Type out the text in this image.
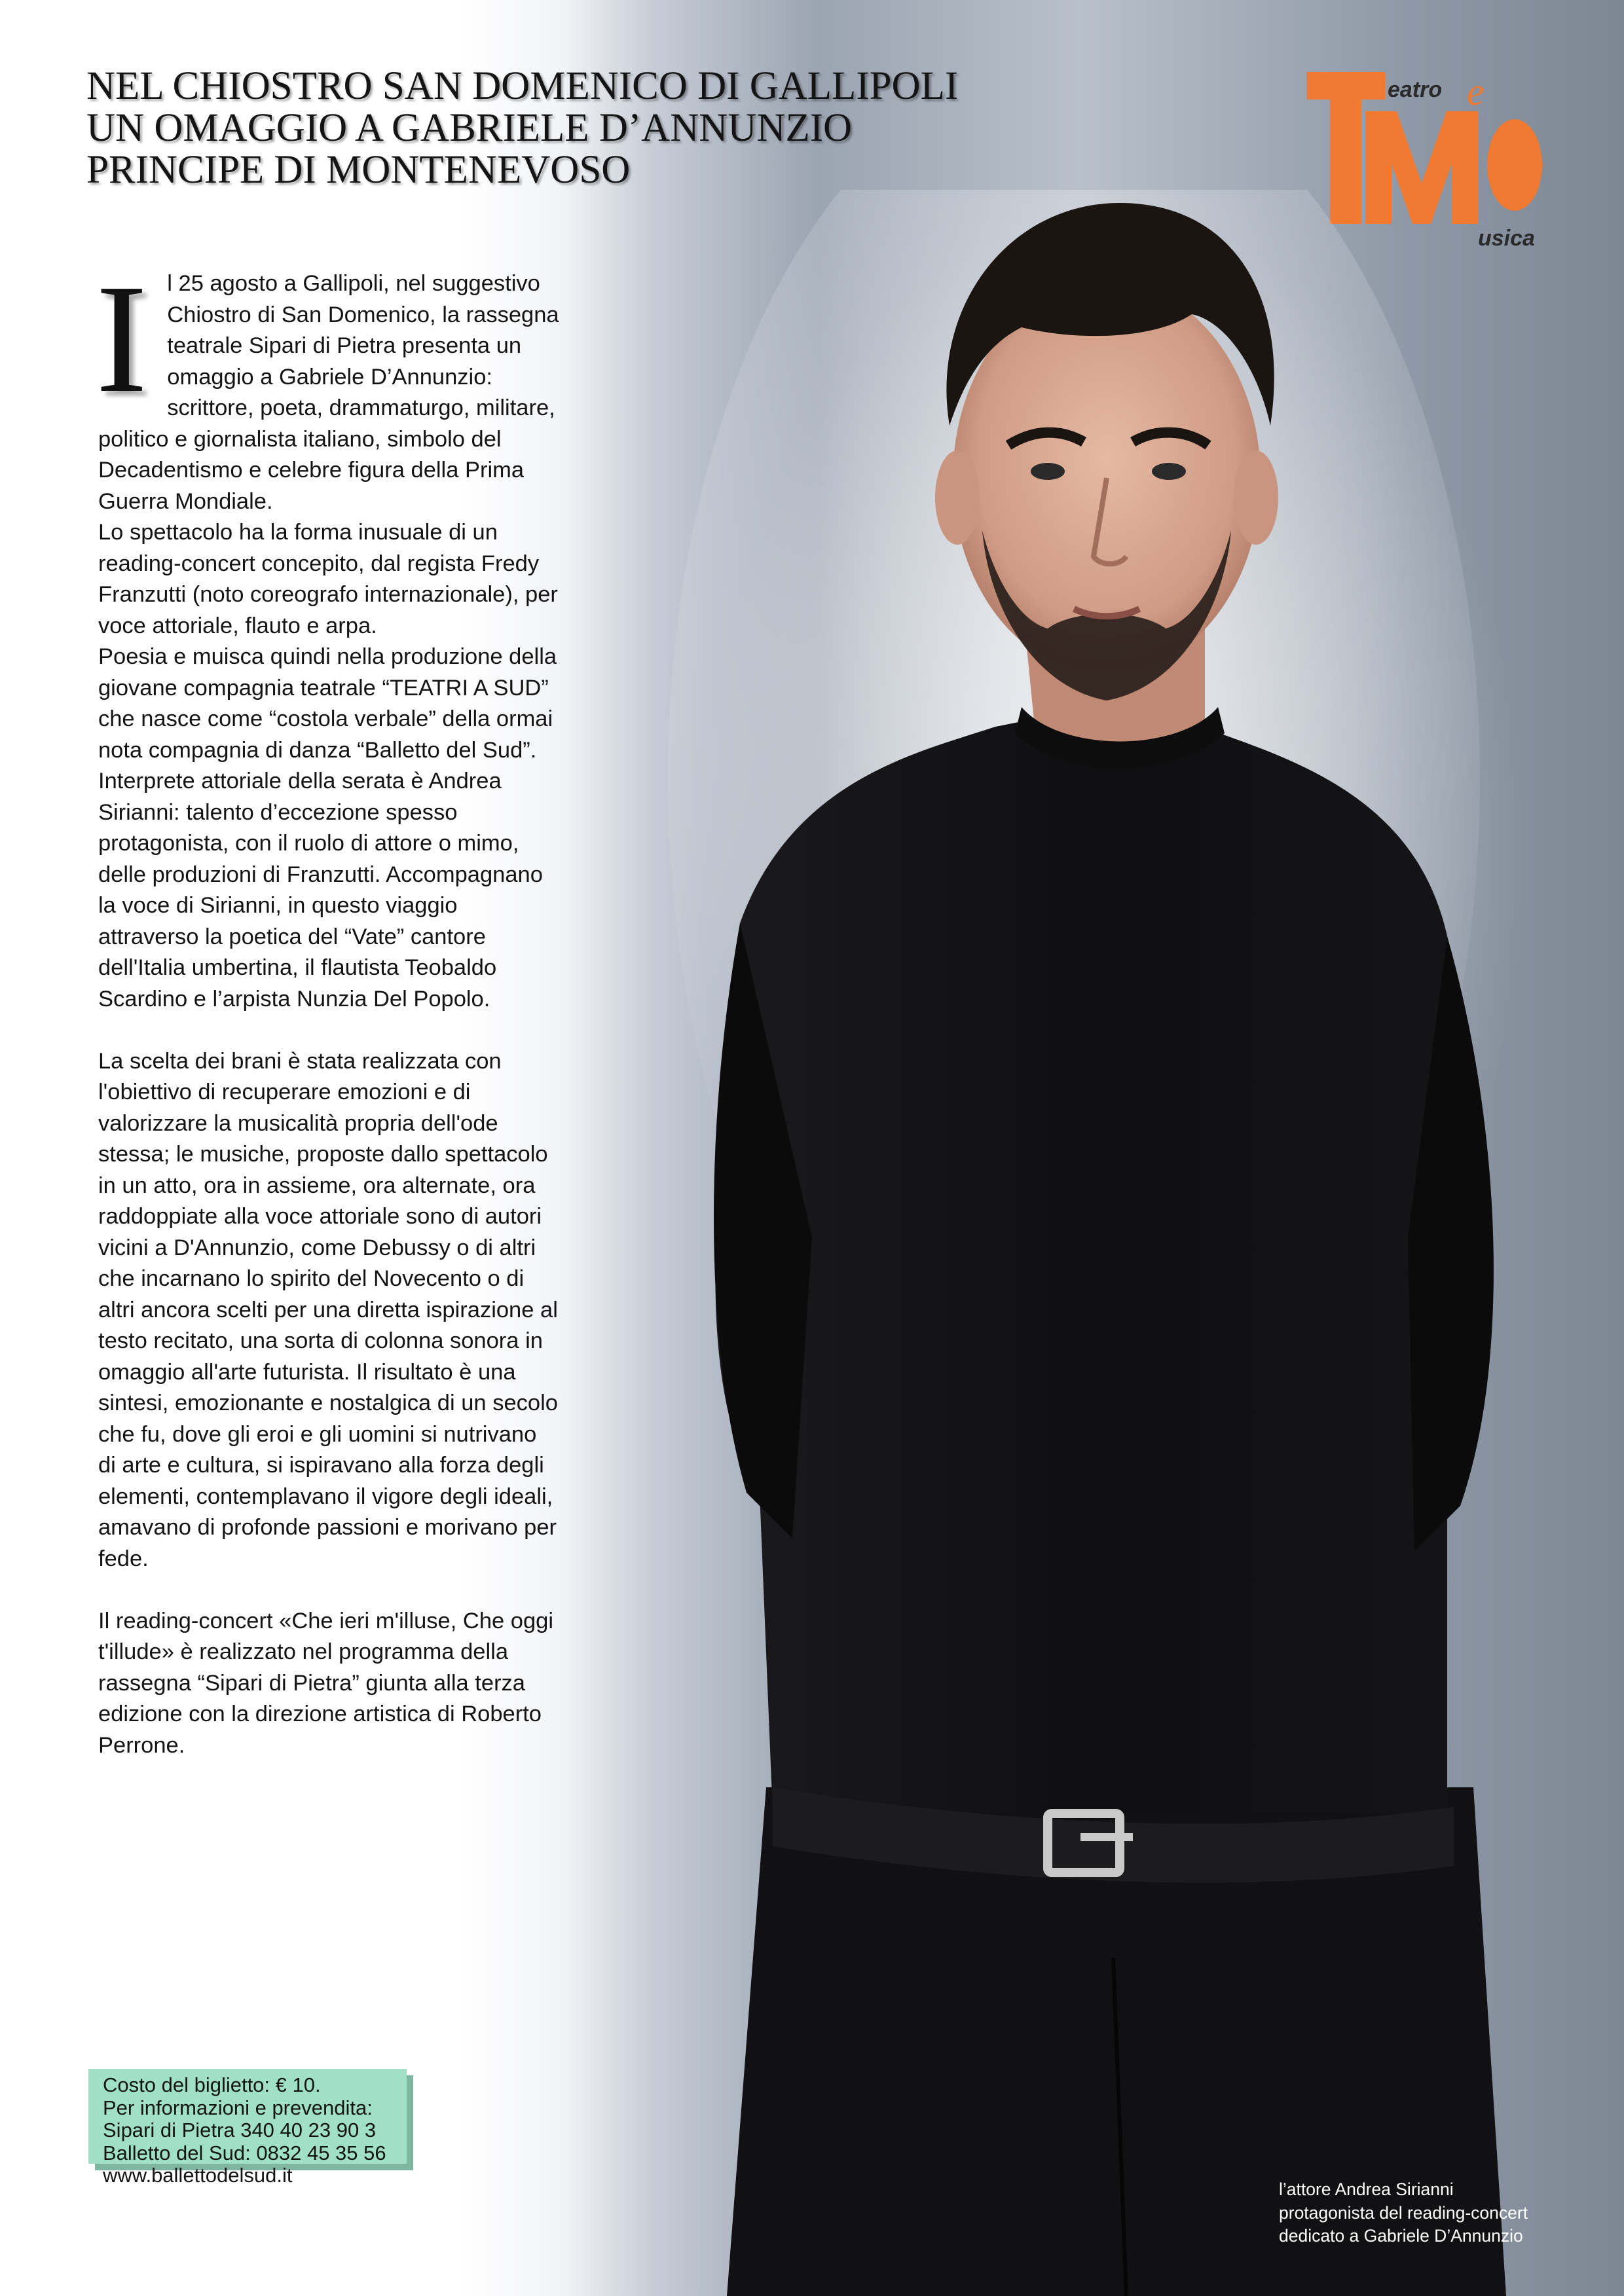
NEL CHIOSTRO SAN DOMENICO DI GALLIPOLI
UN OMAGGIO A GABRIELE D’ANNUNZIO
PRINCIPE DI MONTENEVOSO
eatro e
usica

I l 25 agosto a Gallipoli, nel suggestivo Chiostro di San Domenico, la rassegna teatrale Sipari di Pietra presenta un omaggio a Gabriele D’Annunzio: scrittore, poeta, drammaturgo, militare, politico e giornalista italiano, simbolo del Decadentismo e celebre figura della Prima Guerra Mondiale.

Lo spettacolo ha la forma inusuale di un reading-concert concepito, dal regista Fredy Franzutti (noto coreografo internazionale), per voce attoriale, flauto e arpa.

Poesia e muisca quindi nella produzione della giovane compagnia teatrale “TEATRI A SUD” che nasce come “costola verbale” della ormai nota compagnia di danza “Balletto del Sud”.

Interprete attoriale della serata è Andrea Sirianni: talento d’eccezione spesso protagonista, con il ruolo di attore o mimo, delle produzioni di Franzutti. Accompagnano la voce di Sirianni, in questo viaggio attraverso la poetica del “Vate” cantore dell'Italia umbertina, il flautista Teobaldo Scardino e l’arpista Nunzia Del Popolo.

La scelta dei brani è stata realizzata con l'obiettivo di recuperare emozioni e di valorizzare la musicalità propria dell'ode stessa; le musiche, proposte dallo spettacolo in un atto, ora in assieme, ora alternate, ora raddoppiate alla voce attoriale sono di autori vicini a D'Annunzio, come Debussy o di altri che incarnano lo spirito del Novecento o di altri ancora scelti per una diretta ispirazione al testo recitato, una sorta di colonna sonora in omaggio all'arte futurista. Il risultato è una sintesi, emozionante e nostalgica di un secolo che fu, dove gli eroi e gli uomini si nutrivano di arte e cultura, si ispiravano alla forza degli elementi, contemplavano il vigore degli ideali, amavano di profonde passioni e morivano per fede.

Il reading-concert «Che ieri m'illuse, Che oggi t'illude» è realizzato nel programma della rassegna “Sipari di Pietra” giunta alla terza edizione con la direzione artistica di Roberto Perrone.

Costo del biglietto: € 10.
Per informazioni e prevendita:
Sipari di Pietra 340 40 23 90 3
Balletto del Sud: 0832 45 35 56
www.ballettodelsud.it
l’attore Andrea Sirianni
protagonista del reading-concert
dedicato a Gabriele D’Annunzio
